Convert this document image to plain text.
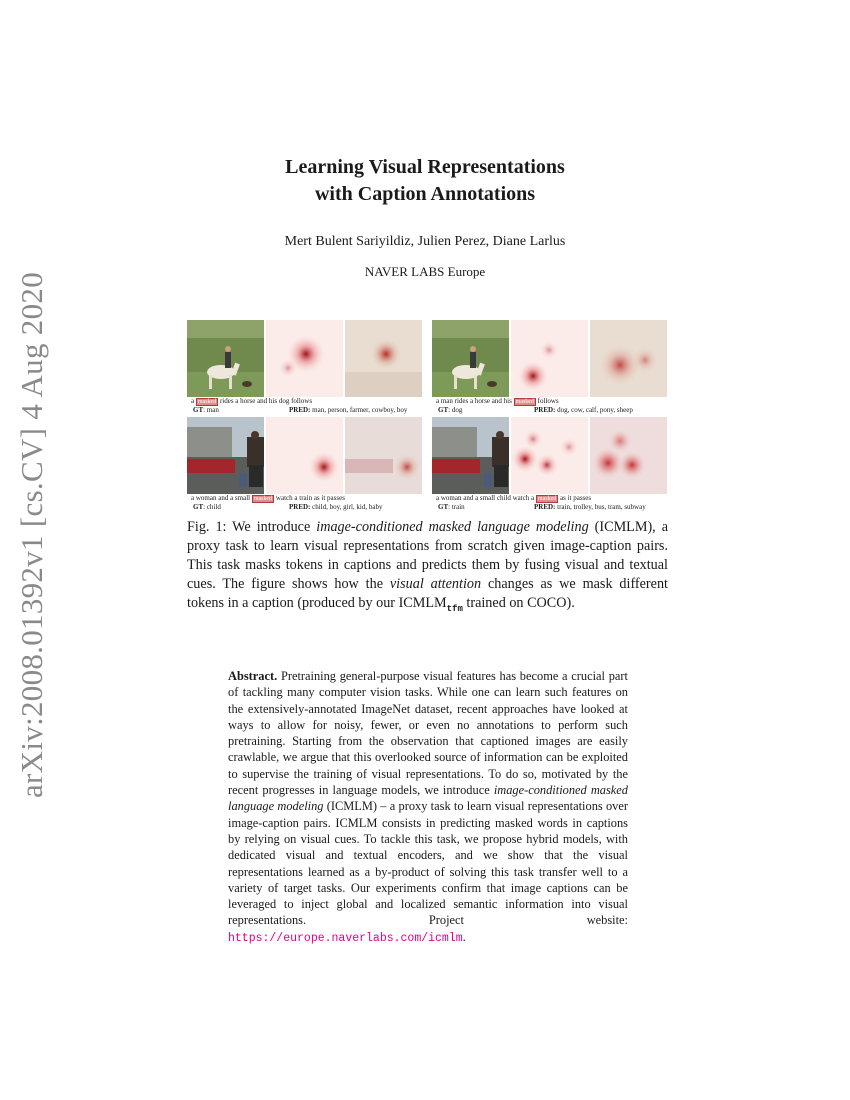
arXiv:2008.01392v1 [cs.CV] 4 Aug 2020
Learning Visual Representations
with Caption Annotations
Mert Bulent Sariyildiz, Julien Perez, Diane Larlus
NAVER LABS Europe
a masked rides a horse and his dog follows
GT: man	PRED: man, person, farmer, cowboy, boy
a man rides a horse and his masked follows
GT: dog	PRED: dog, cow, calf, pony, sheep
a woman and a small masked watch a train as it passes
GT: child	PRED: child, boy, girl, kid, baby
a woman and a small child watch a masked as it passes
GT: train	PRED: train, trolley, bus, tram, subway

Fig. 1: We introduce image-conditioned masked language modeling (ICMLM), a proxy task to learn visual representations from scratch given image-caption pairs. This task masks tokens in captions and predicts them by fusing visual and textual cues. The figure shows how the visual attention changes as we mask different tokens in a caption (produced by our $ICMLM_{tfm}$ trained on COCO).

Abstract. Pretraining general-purpose visual features has become a crucial part of tackling many computer vision tasks. While one can learn such features on the extensively-annotated ImageNet dataset, recent approaches have looked at ways to allow for noisy, fewer, or even no annotations to perform such pretraining. Starting from the observation that captioned images are easily crawlable, we argue that this overlooked source of information can be exploited to supervise the training of visual representations. To do so, motivated by the recent progresses in language models, we introduce image-conditioned masked language modeling (ICMLM) – a proxy task to learn visual representations over image-caption pairs. ICMLM consists in predicting masked words in captions by relying on visual cues. To tackle this task, we propose hybrid models, with dedicated visual and textual encoders, and we show that the visual representations learned as a by-product of solving this task transfer well to a variety of target tasks. Our experiments confirm that image captions can be leveraged to inject global and localized semantic information into visual representations. Project website: https://europe.naverlabs.com/icmlm.
